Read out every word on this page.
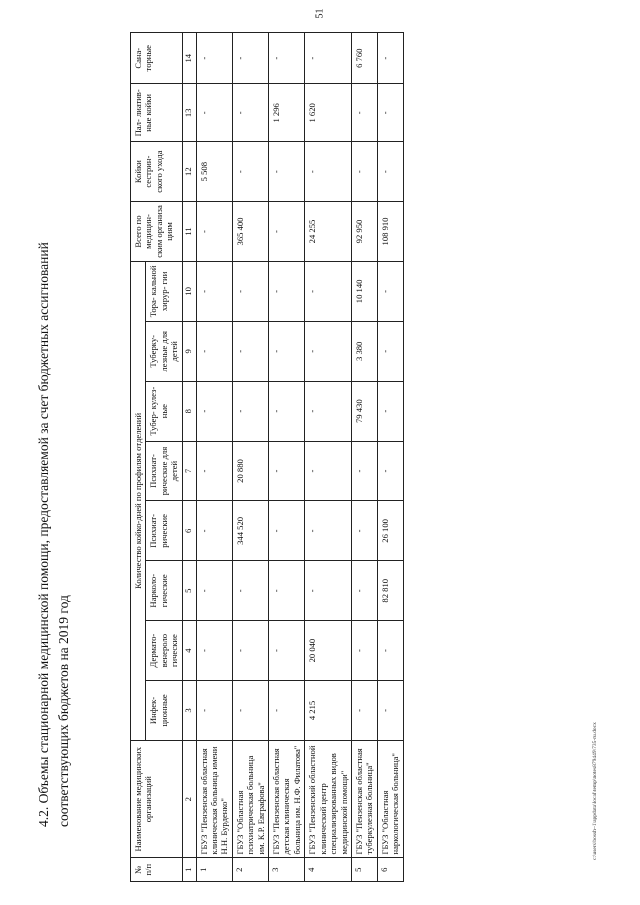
51
4.2. Объемы стационарной медицинской помощи, предоставляемой за счет бюджетных ассигнований соответствующих бюджетов на 2019 год
№ п/п	Наименование медицинских организаций	Количество койко-дней по профилям отделений								Всего по медицин- ским организа циям	Койки сестрин- ского ухода	Пал- лиатив- ные койки	Сана- торные
		Инфек- ционные	Дермато- венероло гические	Нарколо- гические	Психиат- рические	Психиат- рические для детей	Тубер- кулез- ные	Туберку- лезные для детей	Тора- кальной хирур- гии				
1	2	3	4	5	6	7	8	9	10	11	12	13	14
1	ГБУЗ "Пензенская областная клиническая больница имени Н.Н. Бурденко"	-	-	-	-	-	-	-	-	-	5 508	-	-
2	ГБУЗ "Областная психиатрическая больница им. К.Р. Евграфова"	-	-	-	344 520	20 880	-	-	-	365 400	-	-	-
3	ГБУЗ "Пензенская областная детская клиническая больница им. Н.Ф. Филатова"	-	-	-	-	-	-	-	-	-	-	1 296	-
4	ГБУЗ "Пензенский областной клинический центр специализированных видов медицинской помощи"	4 215	20 040	-	-	-	-	-	-	24 255	-	1 620	-
5	ГБУЗ "Пензенская областная туберкулезная больница"	-	-	-	-	-	79 430	3 380	10 140	92 950	-	-	6 760
6	ГБУЗ "Областная наркологическая больница"	-	-	82 810	26 100	-	-	-	-	108 910	-	-	-
c:\users\bossh~1\appdata\local\temp\notes879449\735-ru.docx
